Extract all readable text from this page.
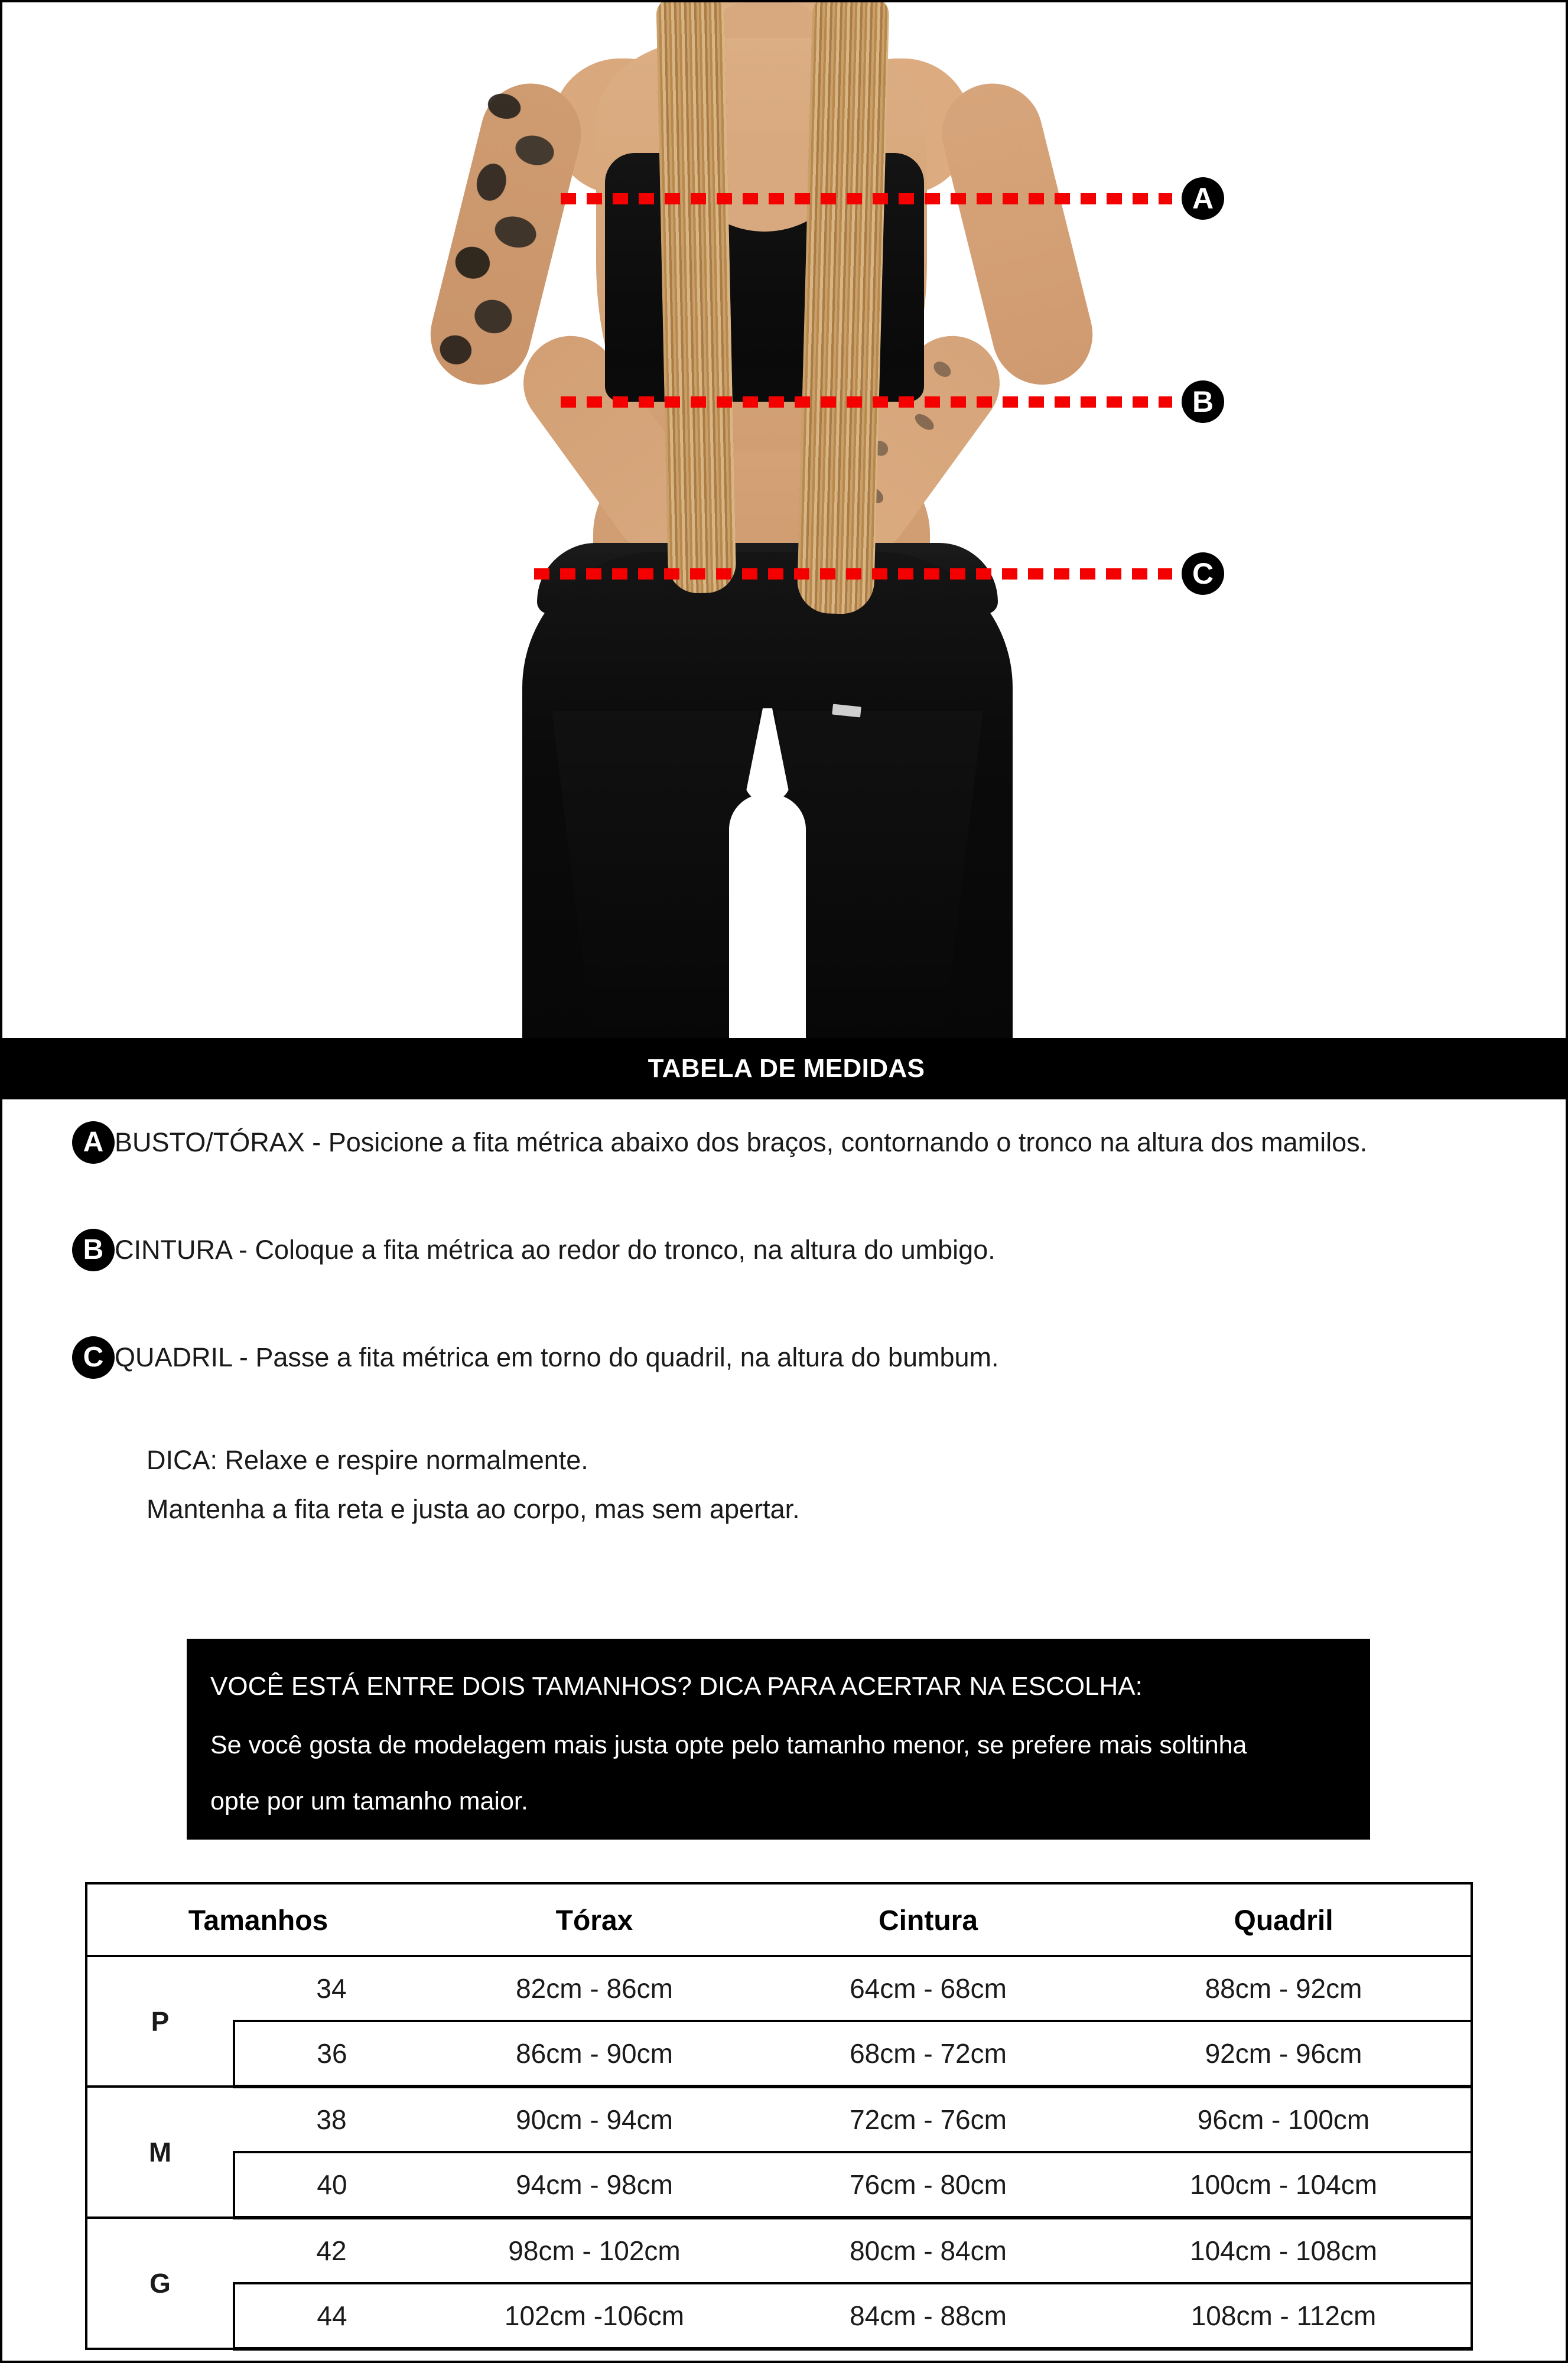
A
B
C
TABELA DE MEDIDAS
A BUSTO/TÓRAX - Posicione a fita métrica abaixo dos braços, contornando o tronco na altura dos mamilos.
B CINTURA - Coloque a fita métrica ao redor do tronco, na altura do umbigo.
C QUADRIL - Passe a fita métrica em torno do quadril, na altura do bumbum.
DICA: Relaxe e respire normalmente.
Mantenha a fita reta e justa ao corpo, mas sem apertar.
VOCÊ ESTÁ ENTRE DOIS TAMANHOS? DICA PARA ACERTAR NA ESCOLHA:
Se você gosta de modelagem mais justa opte pelo tamanho menor, se prefere mais soltinha
opte por um tamanho maior.
Tamanhos		Tórax	Cintura	Quadril
P	34	82cm - 86cm	64cm - 68cm	88cm - 92cm
	36	86cm - 90cm	68cm - 72cm	92cm - 96cm
M	38	90cm - 94cm	72cm - 76cm	96cm - 100cm
	40	94cm - 98cm	76cm - 80cm	100cm - 104cm
G	42	98cm - 102cm	80cm - 84cm	104cm - 108cm
	44	102cm -106cm	84cm - 88cm	108cm - 112cm
